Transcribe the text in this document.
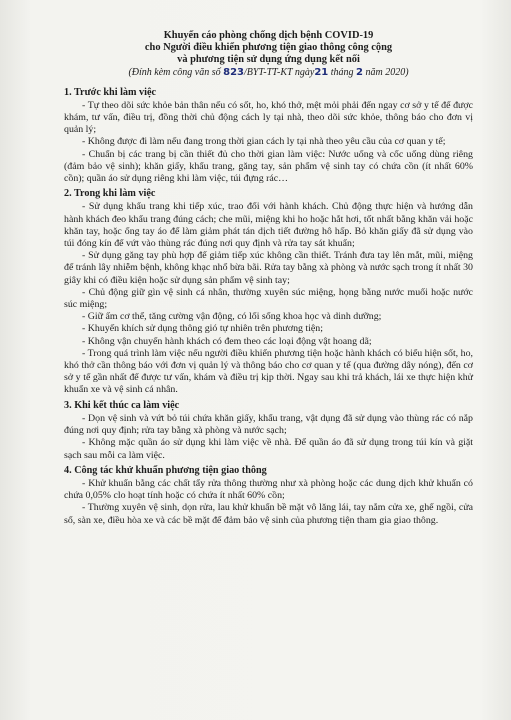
Khuyến cáo phòng chống dịch bệnh COVID-19
cho Người điều khiển phương tiện giao thông công cộng
và phương tiện sử dụng ứng dụng kết nối
(Đính kèm công văn số 823/BYT-TT-KT ngày21 tháng 2 năm 2020)
1. Trước khi làm việc

- Tự theo dõi sức khỏe bản thân nếu có sốt, ho, khó thở, mệt mỏi phải đến ngay cơ sở y tế để được khám, tư vấn, điều trị, đồng thời chủ động cách ly tại nhà, theo dõi sức khỏe, thông báo cho đơn vị quản lý;

- Không được đi làm nếu đang trong thời gian cách ly tại nhà theo yêu cầu của cơ quan y tế;

- Chuẩn bị các trang bị cần thiết đủ cho thời gian làm việc: Nước uống và cốc uống dùng riêng (đảm bảo vệ sinh); khăn giấy, khẩu trang, găng tay, sản phẩm vệ sinh tay có chứa cồn (ít nhất 60% cồn); quần áo sử dụng riêng khi làm việc, túi đựng rác…

2. Trong khi làm việc

- Sử dụng khẩu trang khi tiếp xúc, trao đổi với hành khách. Chủ động thực hiện và hướng dẫn hành khách đeo khẩu trang đúng cách; che mũi, miệng khi ho hoặc hắt hơi, tốt nhất bằng khăn vải hoặc khăn tay, hoặc ống tay áo để làm giảm phát tán dịch tiết đường hô hấp. Bỏ khăn giấy đã sử dụng vào túi đóng kín để vứt vào thùng rác đúng nơi quy định và rửa tay sát khuẩn;

- Sử dụng găng tay phù hợp để giảm tiếp xúc không cần thiết. Tránh đưa tay lên mắt, mũi, miệng để tránh lây nhiễm bệnh, không khạc nhổ bừa bãi. Rửa tay bằng xà phòng và nước sạch trong ít nhất 30 giây khi có điều kiện hoặc sử dụng sản phẩm vệ sinh tay;

- Chủ động giữ gìn vệ sinh cá nhân, thường xuyên súc miệng, họng bằng nước muối hoặc nước súc miệng;

- Giữ ấm cơ thể, tăng cường vận động, có lối sống khoa học và dinh dưỡng;

- Khuyến khích sử dụng thông gió tự nhiên trên phương tiện;

- Không vận chuyển hành khách có đem theo các loại động vật hoang dã;

- Trong quá trình làm việc nếu người điều khiển phương tiện hoặc hành khách có biểu hiện sốt, ho, khó thở cần thông báo với đơn vị quản lý và thông báo cho cơ quan y tế (qua đường dây nóng), đến cơ sở y tế gần nhất để được tư vấn, khám và điều trị kịp thời. Ngay sau khi trả khách, lái xe thực hiện khử khuẩn xe và vệ sinh cá nhân.

3. Khi kết thúc ca làm việc

- Dọn vệ sinh và vứt bỏ túi chứa khăn giấy, khẩu trang, vật dụng đã sử dụng vào thùng rác có nắp đúng nơi quy định; rửa tay bằng xà phòng và nước sạch;

- Không mặc quần áo sử dụng khi làm việc về nhà. Để quần áo đã sử dụng trong túi kín và giặt sạch sau mỗi ca làm việc.

4. Công tác khử khuẩn phương tiện giao thông

- Khử khuẩn bằng các chất tẩy rửa thông thường như xà phòng hoặc các dung dịch khử khuẩn có chứa 0,05% clo hoạt tính hoặc có chứa ít nhất 60% cồn;

- Thường xuyên vệ sinh, dọn rửa, lau khử khuẩn bề mặt vô lăng lái, tay nắm cửa xe, ghế ngồi, cửa sổ, sàn xe, điều hòa xe và các bề mặt để đảm bảo vệ sinh của phương tiện tham gia giao thông.
